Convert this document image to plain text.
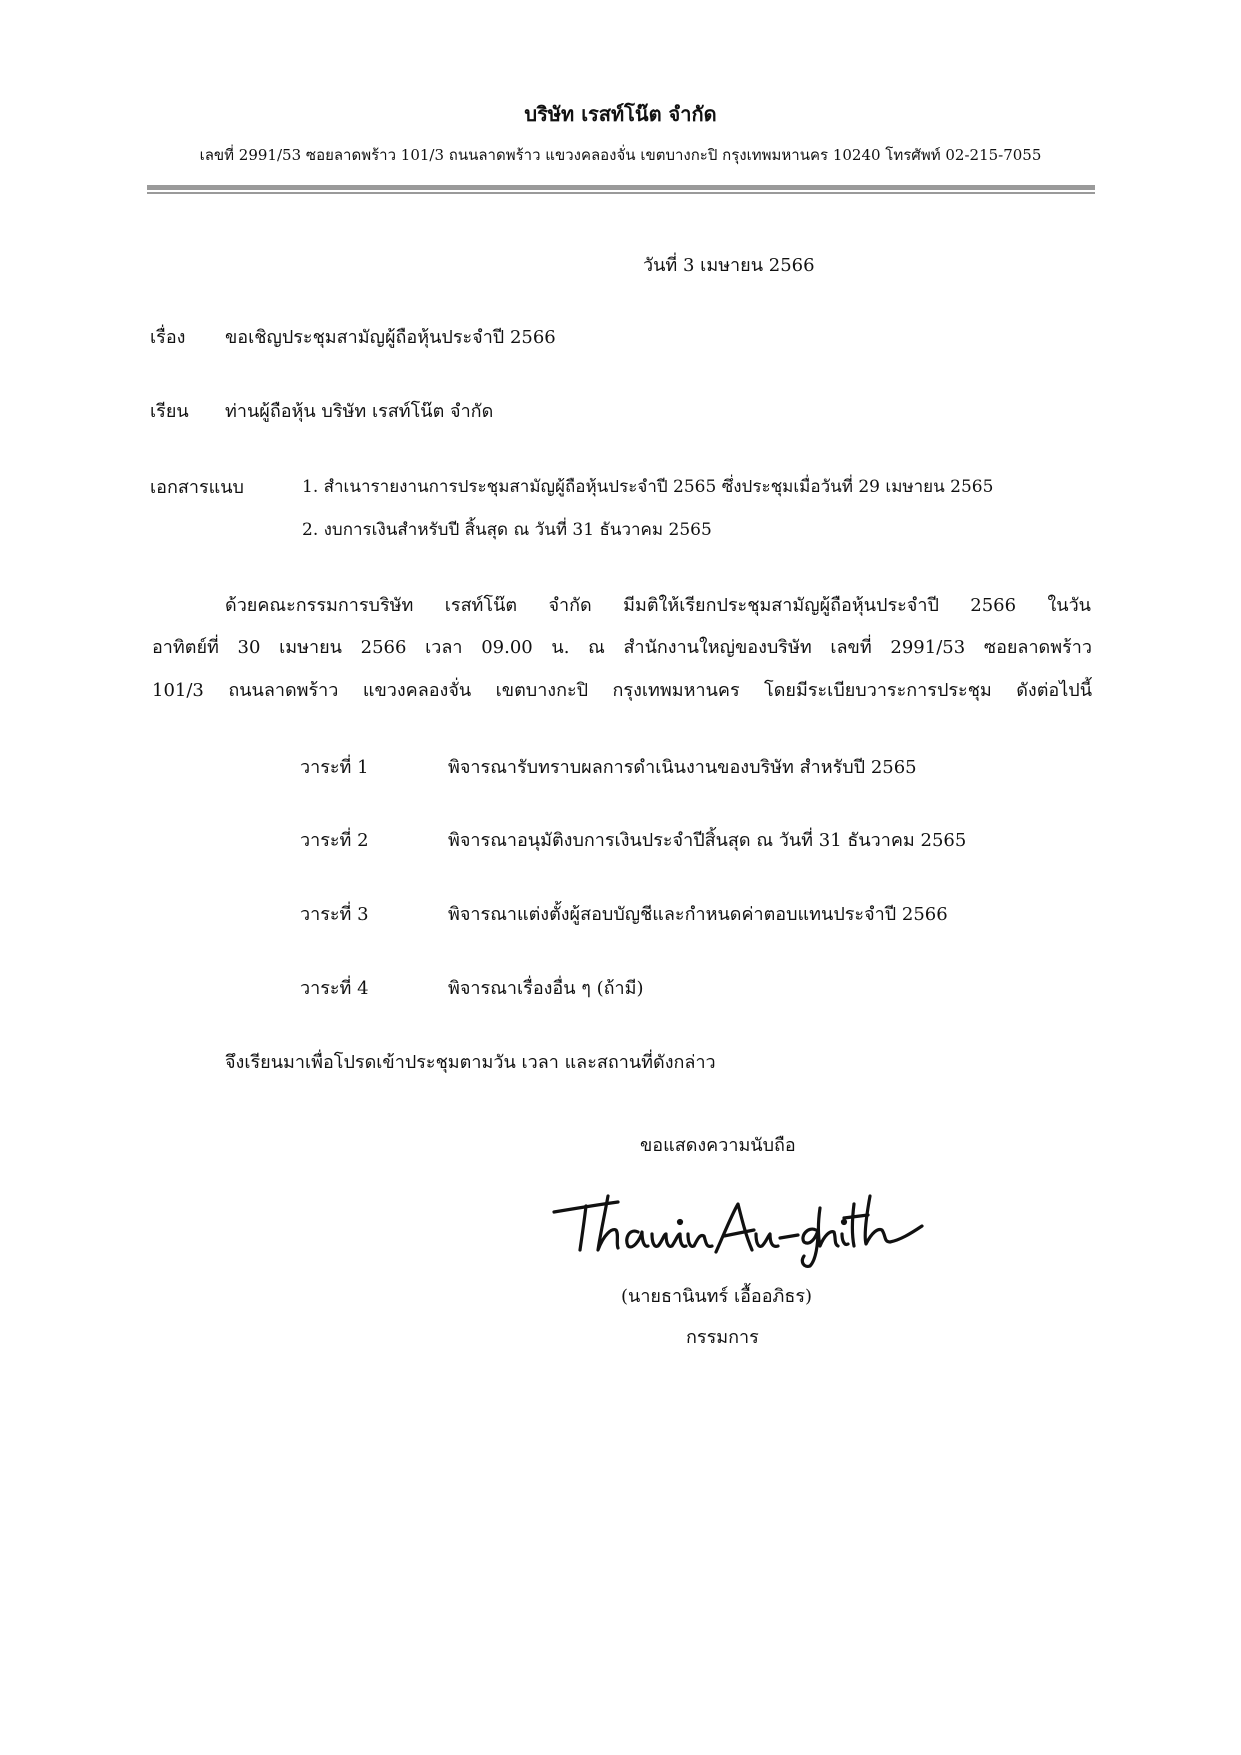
บริษัท เรสท์โน๊ต จำกัด
เลขที่ 2991/53 ซอยลาดพร้าว 101/3 ถนนลาดพร้าว แขวงคลองจั่น เขตบางกะปิ กรุงเทพมหานคร 10240 โทรศัพท์ 02-215-7055
วันที่ 3 เมษายน 2566
เรื่อง ขอเชิญประชุมสามัญผู้ถือหุ้นประจำปี 2566
เรียน ท่านผู้ถือหุ้น บริษัท เรสท์โน๊ต จำกัด
เอกสารแนบ	1. สำเนารายงานการประชุมสามัญผู้ถือหุ้นประจำปี 2565 ซึ่งประชุมเมื่อวันที่ 29 เมษายน 2565
2. งบการเงินสำหรับปี สิ้นสุด ณ วันที่ 31 ธันวาคม 2565
ด้วยคณะกรรมการบริษัท เรสท์โน๊ต จำกัด มีมติให้เรียกประชุมสามัญผู้ถือหุ้นประจำปี 2566 ในวัน
อาทิตย์ที่ 30 เมษายน 2566 เวลา 09.00 น. ณ สำนักงานใหญ่ของบริษัท เลขที่ 2991/53 ซอยลาดพร้าว
101/3 ถนนลาดพร้าว แขวงคลองจั่น เขตบางกะปิ กรุงเทพมหานคร โดยมีระเบียบวาระการประชุม ดังต่อไปนี้
วาระที่ 1	พิจารณารับทราบผลการดำเนินงานของบริษัท สำหรับปี 2565
วาระที่ 2	พิจารณาอนุมัติงบการเงินประจำปีสิ้นสุด ณ วันที่ 31 ธันวาคม 2565
วาระที่ 3	พิจารณาแต่งตั้งผู้สอบบัญชีและกำหนดค่าตอบแทนประจำปี 2566
วาระที่ 4	พิจารณาเรื่องอื่น ๆ (ถ้ามี)
จึงเรียนมาเพื่อโปรดเข้าประชุมตามวัน เวลา และสถานที่ดังกล่าว
ขอแสดงความนับถือ
(นายธานินทร์ เอื้ออภิธร)
กรรมการ
